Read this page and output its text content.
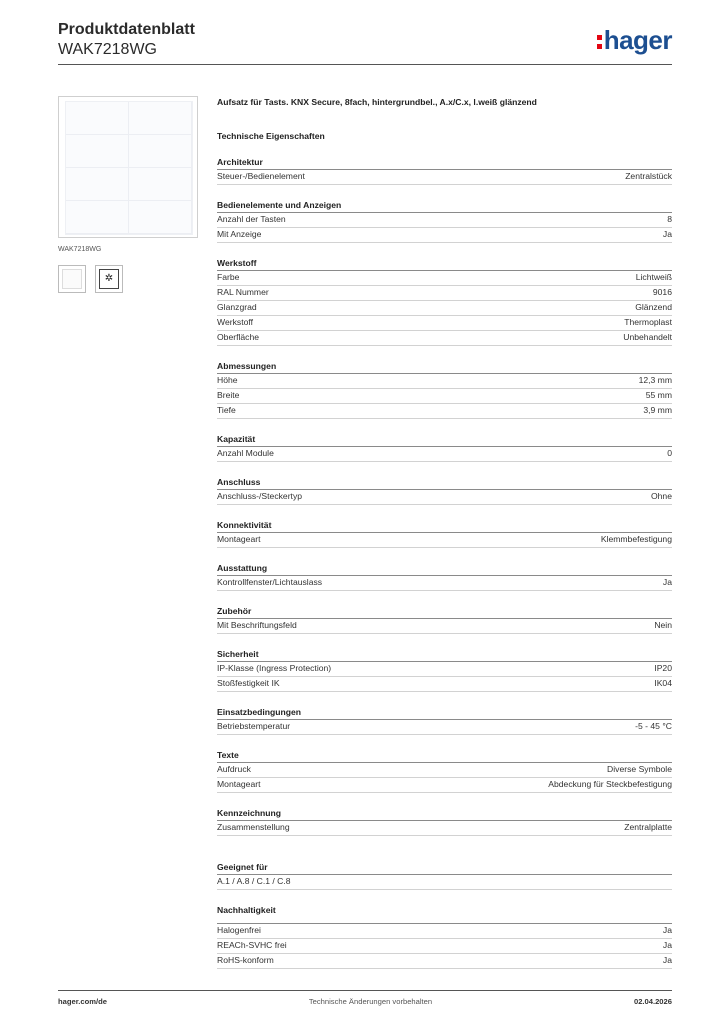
Produktdatenblatt
WAK7218WG	hager
WAK7218WG
✲
Aufsatz für Tasts. KNX Secure, 8fach, hintergrundbel., A.x/C.x, l.weiß glänzend
Technische Eigenschaften
Architektur
Steuer-/Bedienelement	Zentralstück
Bedienelemente und Anzeigen
Anzahl der Tasten	8
Mit Anzeige	Ja
Werkstoff
Farbe	Lichtweiß
RAL Nummer	9016
Glanzgrad	Glänzend
Werkstoff	Thermoplast
Oberfläche	Unbehandelt
Abmessungen
Höhe	12,3 mm
Breite	55 mm
Tiefe	3,9 mm
Kapazität
Anzahl Module	0
Anschluss
Anschluss-/Steckertyp	Ohne
Konnektivität
Montageart	Klemmbefestigung
Ausstattung
Kontrollfenster/Lichtauslass	Ja
Zubehör
Mit Beschriftungsfeld	Nein
Sicherheit
IP-Klasse (Ingress Protection)	IP20
Stoßfestigkeit IK	IK04
Einsatzbedingungen
Betriebstemperatur	-5 - 45 °C
Texte
Aufdruck	Diverse Symbole
Montageart	Abdeckung für Steckbefestigung
Kennzeichnung
Zusammenstellung	Zentralplatte
Geeignet für
A.1 / A.8 / C.1 / C.8
Nachhaltigkeit
Halogenfrei	Ja
REACh-SVHC frei	Ja
RoHS-konform	Ja
hager.com/de	Technische Änderungen vorbehalten	02.04.2026
